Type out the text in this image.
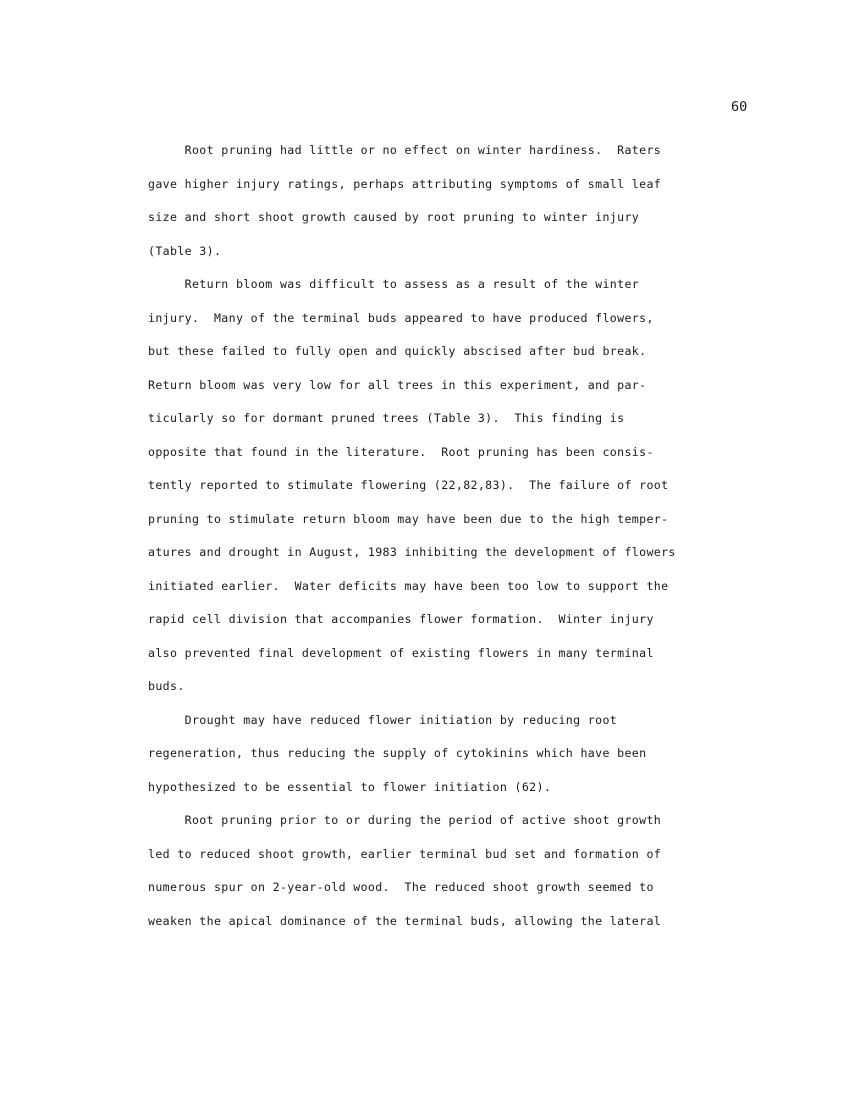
60
Root pruning had little or no effect on winter hardiness.  Raters
gave higher injury ratings, perhaps attributing symptoms of small leaf
size and short shoot growth caused by root pruning to winter injury
(Table 3).
Return bloom was difficult to assess as a result of the winter
injury.  Many of the terminal buds appeared to have produced flowers,
but these failed to fully open and quickly abscised after bud break.
Return bloom was very low for all trees in this experiment, and par-
ticularly so for dormant pruned trees (Table 3).  This finding is
opposite that found in the literature.  Root pruning has been consis-
tently reported to stimulate flowering (22,82,83).  The failure of root
pruning to stimulate return bloom may have been due to the high temper-
atures and drought in August, 1983 inhibiting the development of flowers
initiated earlier.  Water deficits may have been too low to support the
rapid cell division that accompanies flower formation.  Winter injury
also prevented final development of existing flowers in many terminal
buds.
Drought may have reduced flower initiation by reducing root
regeneration, thus reducing the supply of cytokinins which have been
hypothesized to be essential to flower initiation (62).
Root pruning prior to or during the period of active shoot growth
led to reduced shoot growth, earlier terminal bud set and formation of
numerous spur on 2-year-old wood.  The reduced shoot growth seemed to
weaken the apical dominance of the terminal buds, allowing the lateral
